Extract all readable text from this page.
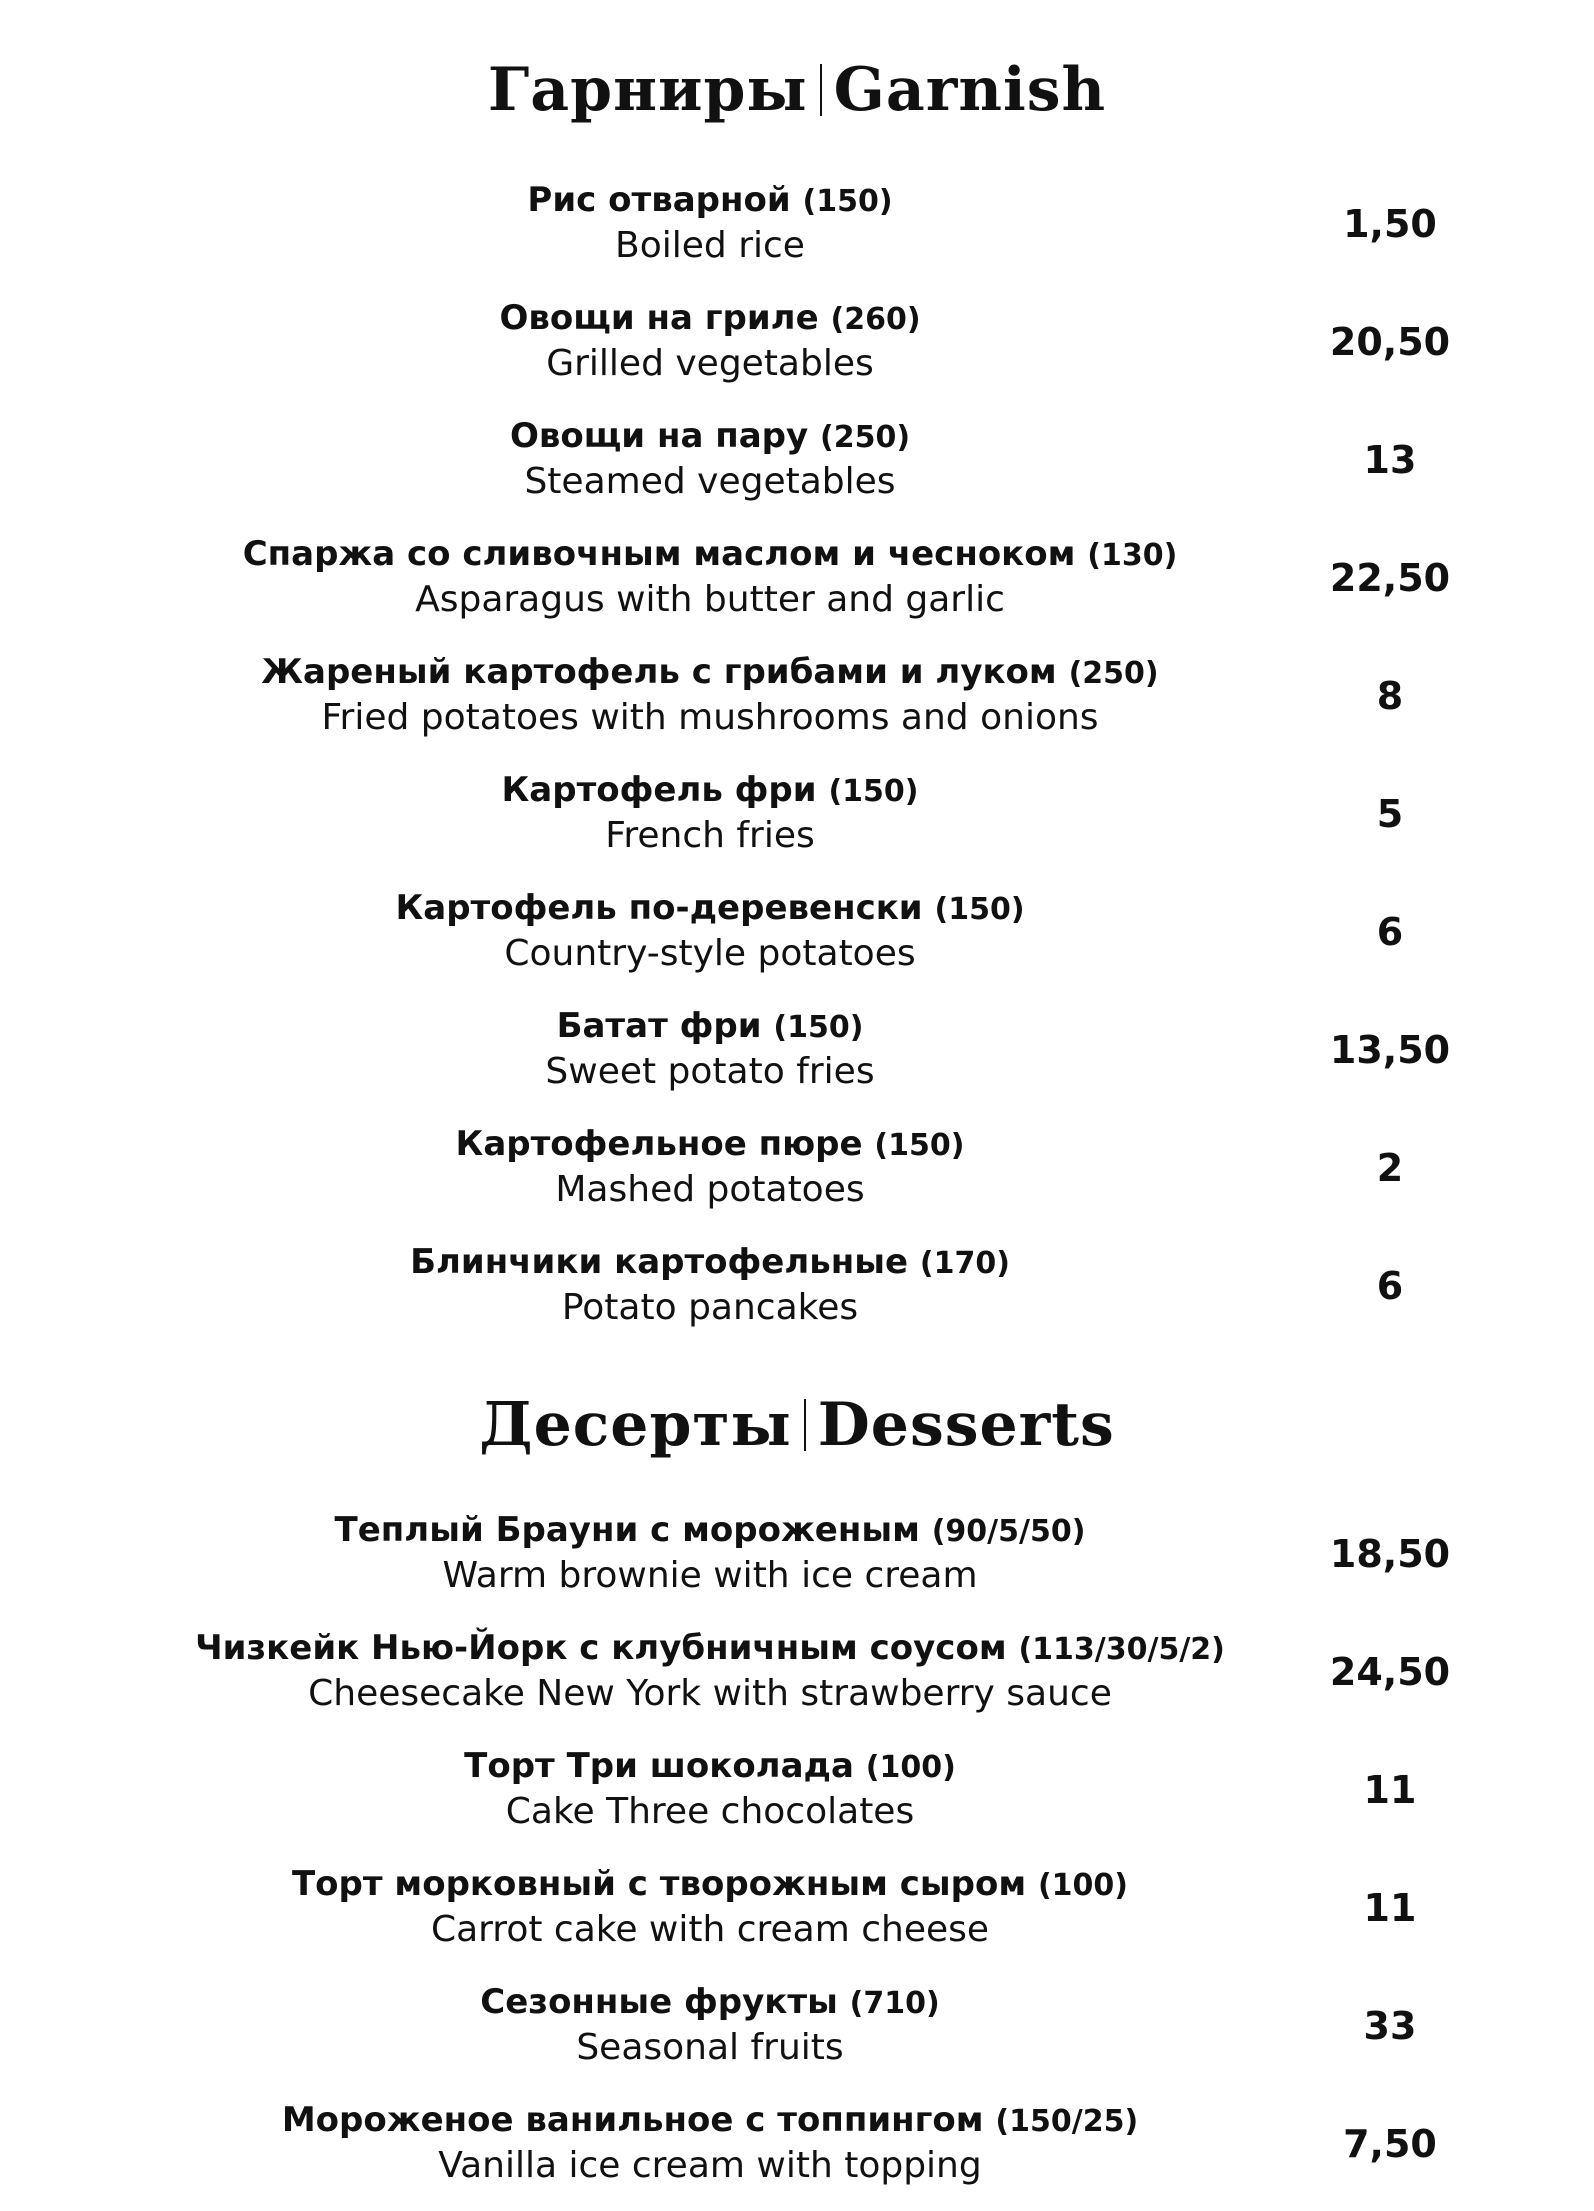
Гарниры Garnish
Рис отварной (150)
Boiled rice	1,50
Овощи на гриле (260)
Grilled vegetables	20,50
Овощи на пару (250)
Steamed vegetables	13
Спаржа со сливочным маслом и чесноком (130)
Asparagus with butter and garlic	22,50
Жареный картофель с грибами и луком (250)
Fried potatoes with mushrooms and onions	8
Картофель фри (150)
French fries	5
Картофель по-деревенски (150)
Country-style potatoes	6
Батат фри (150)
Sweet potato fries	13,50
Картофельное пюре (150)
Mashed potatoes	2
Блинчики картофельные (170)
Potato pancakes	6
Десерты Desserts
Теплый Брауни с мороженым (90/5/50)
Warm brownie with ice cream	18,50
Чизкейк Нью-Йорк с клубничным соусом (113/30/5/2)
Cheesecake New York with strawberry sauce	24,50
Торт Три шоколада (100)
Cake Three chocolates	11
Торт морковный с творожным сыром (100)
Carrot cake with cream cheese	11
Сезонные фрукты (710)
Seasonal fruits	33
Мороженое ванильное с топпингом (150/25)
Vanilla ice cream with topping	7,50
